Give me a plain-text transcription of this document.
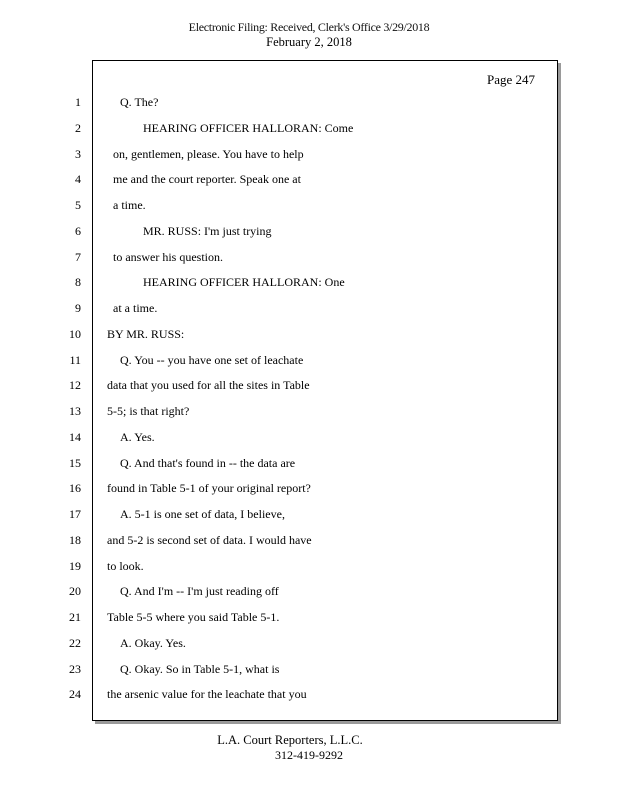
Electronic Filing: Received, Clerk's Office 3/29/2018
February 2, 2018
Page 247
1	Q. The?
2	HEARING OFFICER HALLORAN: Come
3	on, gentlemen, please. You have to help
4	me and the court reporter. Speak one at
5	a time.
6	MR. RUSS: I'm just trying
7	to answer his question.
8	HEARING OFFICER HALLORAN: One
9	at a time.
10 BY MR. RUSS:
11	Q. You -- you have one set of leachate
12 data that you used for all the sites in Table
13 5-5; is that right?
14	A. Yes.
15	Q. And that's found in -- the data are
16 found in Table 5-1 of your original report?
17	A. 5-1 is one set of data, I believe,
18 and 5-2 is second set of data. I would have
19 to look.
20	Q. And I'm -- I'm just reading off
21 Table 5-5 where you said Table 5-1.
22	A. Okay. Yes.
23	Q. Okay. So in Table 5-1, what is
24 the arsenic value for the leachate that you
L.A. Court Reporters, L.L.C.
312-419-9292
